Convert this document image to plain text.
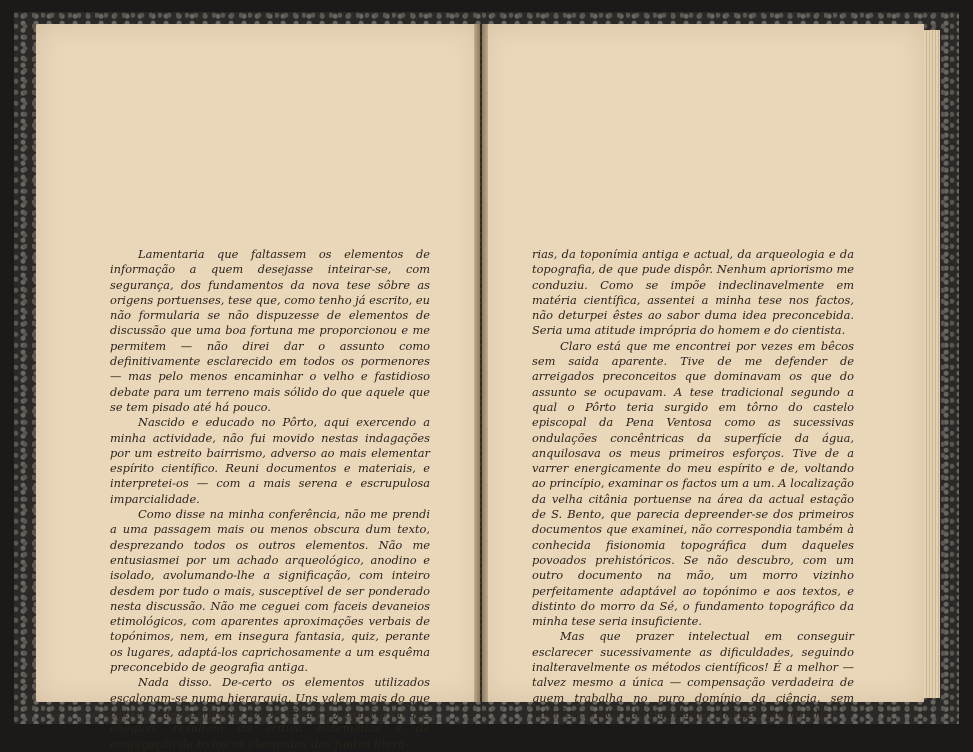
Lamentaria que faltassem os elementos de informação a quem desejasse inteirar-se, com segurança, dos fundamentos da nova tese sôbre as origens portuenses, tese que, como tenho já escrito, eu não formularia se não dispuzesse de elementos de discussão que uma boa fortuna me proporcionou e me permitem — não direi dar o assunto como definitivamente esclarecido em todos os pormenores — mas pelo menos encaminhar o velho e fastidioso debate para um terreno mais sólido do que aquele que se tem pisado até há pouco.

Nascido e educado no Pôrto, aqui exercendo a minha actividade, não fui movido nestas indagações por um estreito bairrismo, adverso ao mais elementar espírito científico. Reuni documentos e materiais, e interpretei-os — com a mais serena e escrupulosa imparcialidade.

Como disse na minha conferência, não me prendi a uma passagem mais ou menos obscura dum texto, desprezando todos os outros elementos. Não me entusiasmei por um achado arqueológico, anodino e isolado, avolumando-lhe a significação, com inteiro desdem por tudo o mais, susceptível de ser ponderado nesta discussão. Não me ceguei com faceis devaneios etimológicos, com aparentes aproximações verbais de topónimos, nem, em insegura fantasia, quiz, perante os lugares, adaptá-los caprichosamente a um esquêma preconcebido de geografia antiga.

Nada disso. De-certo os elementos utilizados escalonam-se numa hierarquia. Uns valem mais do que outros. Mas ponderei todos. E as conclusões a que cheguei, resultam da crítica sistemática e da conjugação de todos os elementos das fontes literá-

rias, da toponímia antiga e actual, da arqueologia e da topografia, de que pude dispôr. Nenhum apriorismo me conduziu. Como se impõe indeclinavelmente em matéria científica, assentei a minha tese nos factos, não deturpei êstes ao sabor duma idea preconcebida. Seria uma atitude imprópria do homem e do cientista.

Claro está que me encontrei por vezes em bêcos sem saida aparente. Tive de me defender de arreigados preconceitos que dominavam os que do assunto se ocupavam. A tese tradicional segundo a qual o Pôrto teria surgido em tôrno do castelo episcopal da Pena Ventosa como as sucessivas ondulações concêntricas da superfície da água, anquilosava os meus primeiros esforços. Tive de a varrer energicamente do meu espírito e de, voltando ao princípio, examinar os factos um a um. A localização da velha citânia portuense na área da actual estação de S. Bento, que parecia depreender-se dos primeiros documentos que examinei, não correspondia também à conhecida fisionomia topográfica dum daqueles povoados prehistóricos. Se não descubro, com um outro documento na mão, um morro vizinho perfeitamente adaptável ao topónimo e aos textos, e distinto do morro da Sé, o fundamento topográfico da minha tese seria insuficiente.

Mas que prazer intelectual em conseguir esclarecer sucessivamente as dificuldades, seguindo inalteravelmente os métodos científicos! É a melhor — talvez mesmo a única — compensação verdadeira de quem trabalha no puro domínio da ciência, sem interêsse material ou qualquer ambição mesquinha.
